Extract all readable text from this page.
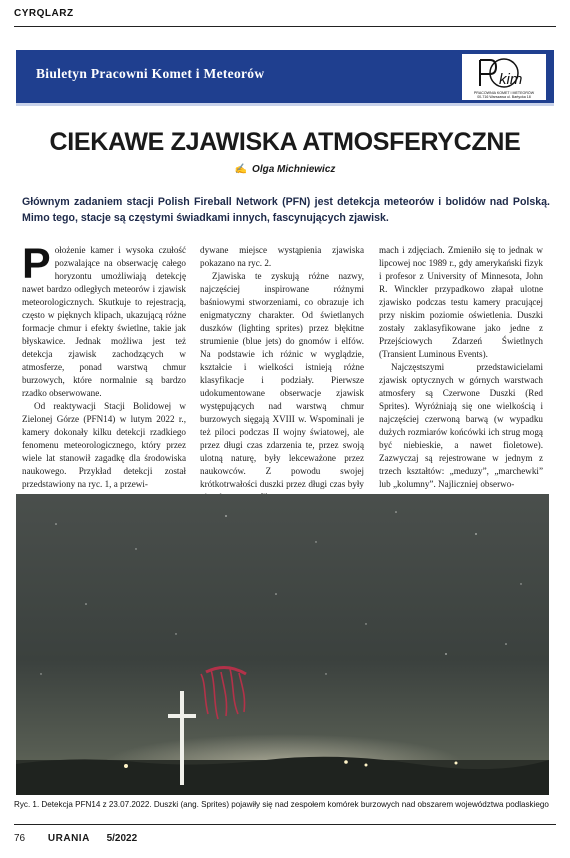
CYRQLARZ
Biuletyn Pracowni Komet i Meteorów	kim
PRACOWNIA KOMET I METEORÓW
00-716 Warszawa ul. Bartycka 18
CIEKAWE ZJAWISKA ATMOSFERYCZNE
✍ Olga Michniewicz
Głównym zadaniem stacji Polish Fireball Network (PFN) jest detekcja meteorów i bolidów nad Polską. Mimo tego, stacje są częstymi świadkami innych, fascynujących zjawisk.

Położenie kamer i wysoka czułość pozwalające na obserwację całego horyzontu umożliwiają detekcję nawet bardzo odległych meteorów i zjawisk meteorologicznych. Skutkuje to rejestracją, często w pięknych klipach, ukazującą różne formacje chmur i efekty świetlne, takie jak błyskawice. Jednak możliwa jest też detekcja zjawisk zachodzących w atmosferze, ponad warstwą chmur burzowych, które normalnie są bardzo rzadko obserwowane.

Od reaktywacji Stacji Bolidowej w Zielonej Górze (PFN14) w lutym 2022 r., kamery dokonały kilku detekcji rzadkiego fenomenu meteorologicznego, który przez wiele lat stanowił zagadkę dla środowiska naukowego. Przykład detekcji został przedstawiony na ryc. 1, a przewi-

dywane miejsce wystąpienia zjawiska pokazano na ryc. 2.

Zjawiska te zyskują różne nazwy, najczęściej inspirowane różnymi baśniowymi stworzeniami, co obrazuje ich enigmatyczny charakter. Od świetlanych duszków (lighting sprites) przez błękitne strumienie (blue jets) do gnomów i elfów. Na podstawie ich różnic w wyglądzie, kształcie i wielkości istnieją różne klasyfikacje i podziały. Pierwsze udokumentowane obserwacje zjawisk występujących nad warstwą chmur burzowych sięgają XVIII w. Wspominali je też piloci podczas II wojny światowej, ale przez długi czas zdarzenia te, przez swoją ulotną naturę, były lekceważone przez naukowców. Z powodu swojej krótkotrwałości duszki przez długi czas były

mach i zdjęciach. Zmieniło się to jednak w lipcowej noc 1989 r., gdy amerykański fizyk i profesor z University of Minnesota, John R. Winckler przypadkowo złapał ulotne zjawisko podczas testu kamery pracującej przy niskim poziomie oświetlenia. Duszki zostały zaklasyfikowane jako jedne z Przejściowych Zdarzeń Świetlnych (Transient Luminous Events).

Najczęstszymi przedstawicielami zjawisk optycznych w górnych warstwach atmosfery są Czerwone Duszki (Red Sprites). Wyróżniają się one wielkością i najczęściej czerwoną barwą (w wypadku dużych rozmiarów końcówki ich strug mogą być niebieskie, a nawet fioletowe). Zazwyczaj są rejestrowane w jednym z trzech kształtów: „meduzy”, „marchewki” lub „kolumny”. Najliczniej obserwo-

Ryc. 1. Detekcja PFN14 z 23.07.2022. Duszki (ang. Sprites) pojawiły się nad zespołem komórek burzowych nad obszarem województwa podlaskiego
76 URANIA 5/2022
